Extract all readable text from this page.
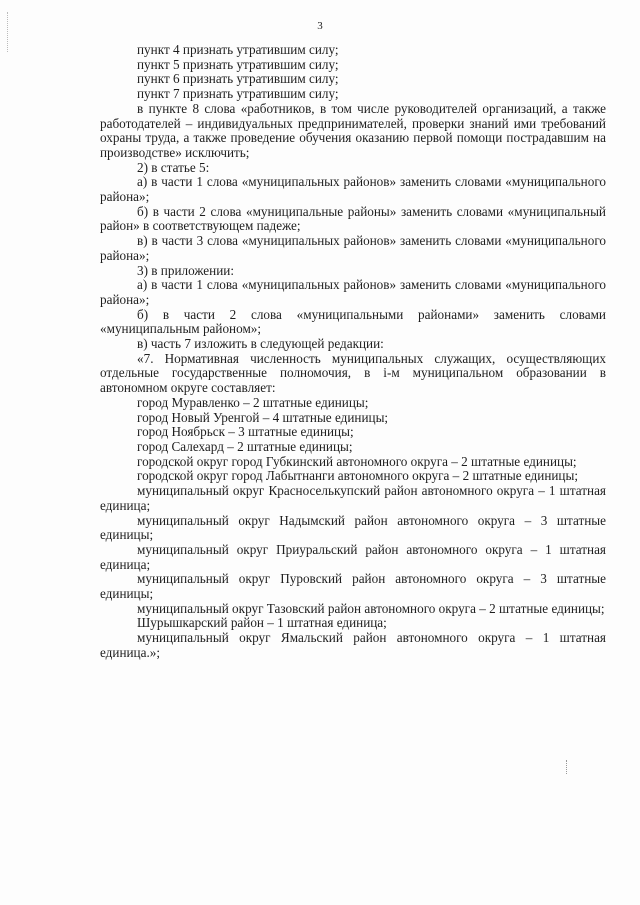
3

пункт 4 признать утратившим силу;

пункт 5 признать утратившим силу;

пункт 6 признать утратившим силу;

пункт 7 признать утратившим силу;

в пункте 8 слова «работников, в том числе руководителей организаций, а также работодателей – индивидуальных предпринимателей, проверки знаний ими требований охраны труда, а также проведение обучения оказанию первой помощи пострадавшим на производстве» исключить;

2) в статье 5:

а) в части 1 слова «муниципальных районов» заменить словами «муниципального района»;

б) в части 2 слова «муниципальные районы» заменить словами «муниципальный район» в соответствующем падеже;

в) в части 3 слова «муниципальных районов» заменить словами «муниципального района»;

3) в приложении:

а) в части 1 слова «муниципальных районов» заменить словами «муниципального района»;

б) в части 2 слова «муниципальными районами» заменить словами «муниципальным районом»;

в) часть 7 изложить в следующей редакции:

«7. Нормативная численность муниципальных служащих, осуществляющих отдельные государственные полномочия, в i-м муниципальном образовании в автономном округе составляет:

город Муравленко – 2 штатные единицы;

город Новый Уренгой – 4 штатные единицы;

город Ноябрьск – 3 штатные единицы;

город Салехард – 2 штатные единицы;

городской округ город Губкинский автономного округа – 2 штатные единицы;

городской округ город Лабытнанги автономного округа – 2 штатные единицы;

муниципальный округ Красноселькупский район автономного округа – 1 штатная единица;

муниципальный округ Надымский район автономного округа – 3 штатные единицы;

муниципальный округ Приуральский район автономного округа – 1 штатная единица;

муниципальный округ Пуровский район автономного округа – 3 штатные единицы;

муниципальный округ Тазовский район автономного округа – 2 штатные единицы;

Шурышкарский район – 1 штатная единица;

муниципальный округ Ямальский район автономного округа – 1 штатная единица.»;
